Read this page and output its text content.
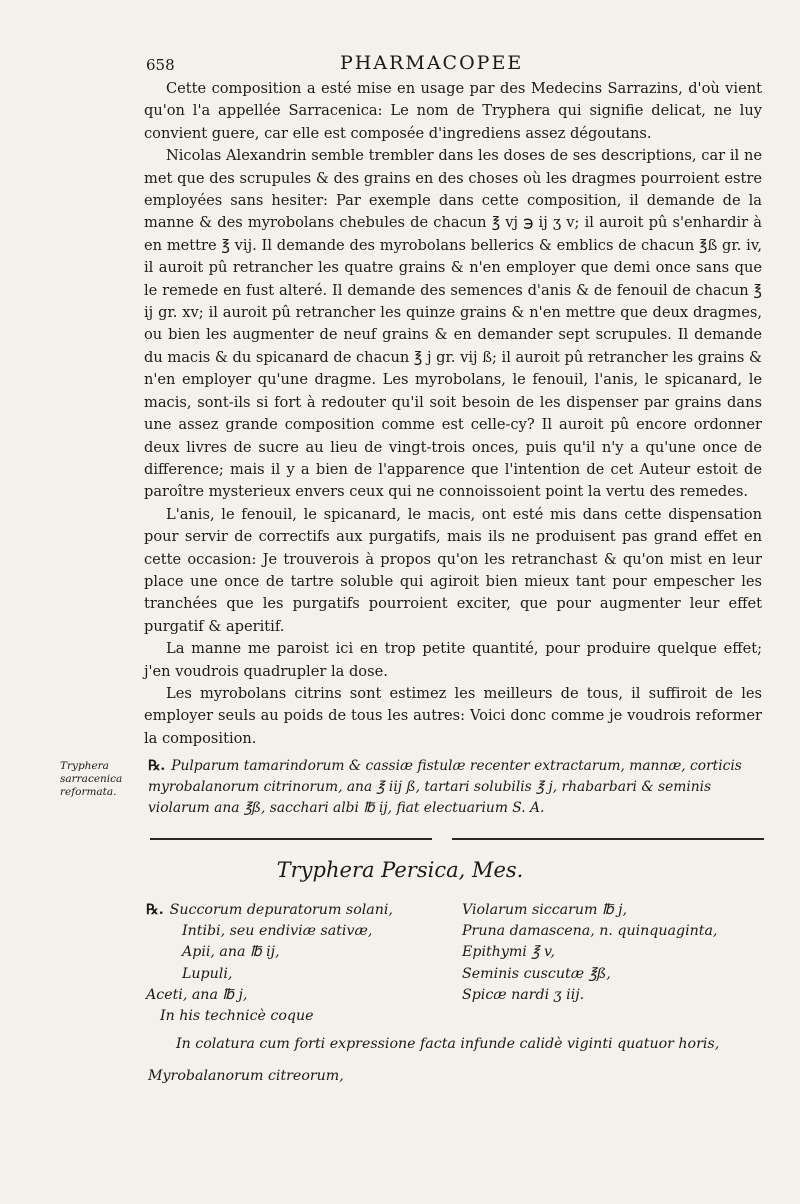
658	PHARMACOPEE

Cette composition a esté mise en usage par des Medecins Sarrazins, d'où vient qu'on l'a appellée Sarracenica: Le nom de Tryphera qui signifie delicat, ne luy convient guere, car elle est composée d'ingrediens assez dégoutans.

Nicolas Alexandrin semble trembler dans les doses de ses descriptions, car il ne met que des scrupules & des grains en des choses où les dragmes pourroient estre employées sans hesiter: Par exemple dans cette composition, il demande de la manne & des myrobolans chebules de chacun ℥ vj ℈ ij ʒ v; il auroit pû s'enhardir à en mettre ℥ vij. Il demande des myrobolans bellerics & emblics de chacun ℥ß gr. iv, il auroit pû retrancher les quatre grains & n'en employer que demi once sans que le remede en fust alteré. Il demande des semences d'anis & de fenouil de chacun ℥ ij gr. xv; il auroit pû retrancher les quinze grains & n'en mettre que deux dragmes, ou bien les augmenter de neuf grains & en demander sept scrupules. Il demande du macis & du spicanard de chacun ℥ j gr. vij ß; il auroit pû retrancher les grains & n'en employer qu'une dragme. Les myrobolans, le fenouil, l'anis, le spicanard, le macis, sont-ils si fort à redouter qu'il soit besoin de les dispenser par grains dans une assez grande composition comme est celle-cy? Il auroit pû encore ordonner deux livres de sucre au lieu de vingt-trois onces, puis qu'il n'y a qu'une once de difference; mais il y a bien de l'apparence que l'intention de cet Auteur estoit de paroître mysterieux envers ceux qui ne connoissoient point la vertu des remedes.

L'anis, le fenouil, le spicanard, le macis, ont esté mis dans cette dispensation pour servir de correctifs aux purgatifs, mais ils ne produisent pas grand effet en cette occasion: Je trouverois à propos qu'on les retranchast & qu'on mist en leur place une once de tartre soluble qui agiroit bien mieux tant pour empescher les tranchées que les purgatifs pourroient exciter, que pour augmenter leur effet purgatif & aperitif.

La manne me paroist ici en trop petite quantité, pour produire quelque effet; j'en voudrois quadrupler la dose.

Les myrobolans citrins sont estimez les meilleurs de tous, il suffiroit de les employer seuls au poids de tous les autres: Voici donc comme je voudrois reformer la composition.

Tryphera sarracenica reformata.
℞. Pulparum tamarindorum & cassiæ fistulæ recenter extractarum, mannæ, corticis myrobalanorum citrinorum, ana ℥ iij ß, tartari solubilis ℥ j, rhabarbari & seminis violarum ana ℥ß, sacchari albi ℔ ij, fiat electuarium S. A.
Tryphera Persica, Mes.
℞. Succorum depuratorum solani,
Intibi, seu endiviæ sativæ,
Apii, ana ℔ ij,
Lupuli,
Aceti, ana ℔ j,
In his technicè coque
Violarum siccarum ℔ j,
Pruna damascena, n. quinquaginta,
Epithymi ℥ v,
Seminis cuscutæ ℥ß,
Spicæ nardi ʒ iij.
In colatura cum forti expressione facta infunde calidè viginti quatuor horis,
Myrobalanorum citreorum,
